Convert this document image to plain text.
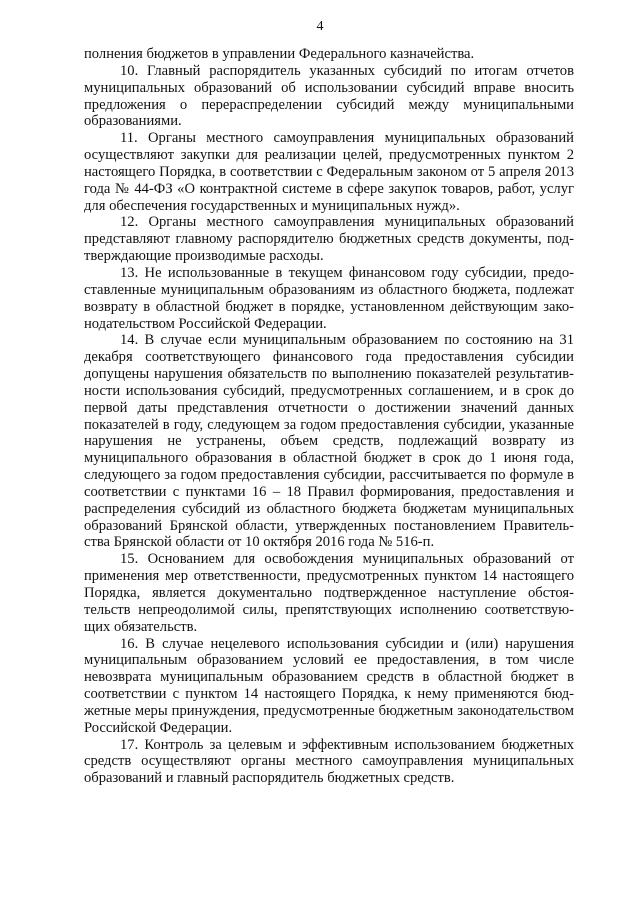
4

полнения бюджетов в управлении Федерального казначейства.

10. Главный распорядитель указанных субсидий по итогам отчетов муниципальных образований об использовании субсидий вправе вносить предложения о перераспределении субсидий между муниципальными образованиями.

11. Органы местного самоуправления муниципальных образований осуществляют закупки для реализации целей, предусмотренных пунктом 2 настоящего Порядка, в соответствии с Федеральным законом от 5 апреля 2013 года № 44-ФЗ «О контрактной системе в сфере закупок товаров, работ, услуг для обеспечения государственных и муниципальных нужд».

12. Органы местного самоуправления муниципальных образований представляют главному распорядителю бюджетных средств документы, подтверждающие производимые расходы.

13. Не использованные в текущем финансовом году субсидии, предоставленные муниципальным образованиям из областного бюджета, подлежат возврату в областной бюджет в порядке, установленном действующим законодательством Российской Федерации.

14. В случае если муниципальным образованием по состоянию на 31 декабря соответствующего финансового года предоставления субсидии допущены нарушения обязательств по выполнению показателей результативности использования субсидий, предусмотренных соглашением, и в срок до первой даты представления отчетности о достижении значений данных показателей в году, следующем за годом предоставления субсидии, указанные нарушения не устранены, объем средств, подлежащий возврату из муниципального образования в областной бюджет в срок до 1 июня года, следующего за годом предоставления субсидии, рассчитывается по формуле в соответствии с пунктами 16 – 18 Правил формирования, предоставления и распределения субсидий из областного бюджета бюджетам муниципальных образований Брянской области, утвержденных постановлением Правительства Брянской области от 10 октября 2016 года № 516-п.

15. Основанием для освобождения муниципальных образований от применения мер ответственности, предусмотренных пунктом 14 настоящего Порядка, является документально подтвержденное наступление обстоятельств непреодолимой силы, препятствующих исполнению соответствующих обязательств.

16. В случае нецелевого использования субсидии и (или) нарушения муниципальным образованием условий ее предоставления, в том числе невозврата муниципальным образованием средств в областной бюджет в соответствии с пунктом 14 настоящего Порядка, к нему применяются бюджетные меры принуждения, предусмотренные бюджетным законодательством Российской Федерации.

17. Контроль за целевым и эффективным использованием бюджетных средств осуществляют органы местного самоуправления муниципальных образований и главный распорядитель бюджетных средств.
